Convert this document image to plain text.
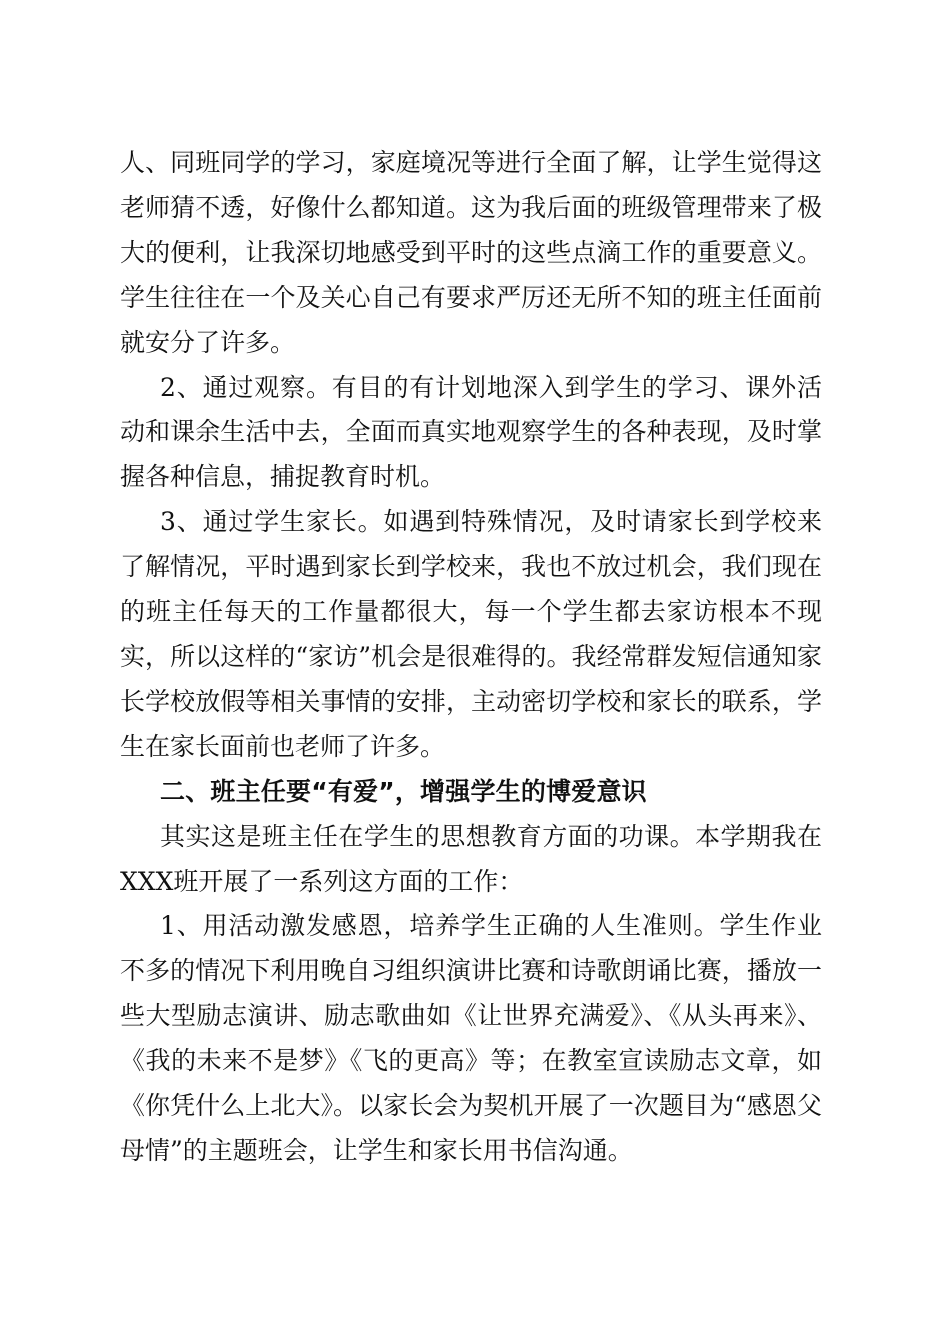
人、同班同学的学习，家庭境况等进行全面了解，让学生觉得这老师猜不透，好像什么都知道。这为我后面的班级管理带来了极大的便利，让我深切地感受到平时的这些点滴工作的重要意义。学生往往在一个及关心自己有要求严厉还无所不知的班主任面前就安分了许多。

2、通过观察。有目的有计划地深入到学生的学习、课外活动和课余生活中去，全面而真实地观察学生的各种表现，及时掌握各种信息，捕捉教育时机。

3、通过学生家长。如遇到特殊情况，及时请家长到学校来了解情况，平时遇到家长到学校来，我也不放过机会，我们现在的班主任每天的工作量都很大，每一个学生都去家访根本不现实，所以这样的“家访”机会是很难得的。我经常群发短信通知家长学校放假等相关事情的安排，主动密切学校和家长的联系，学生在家长面前也老师了许多。

二、班主任要“有爱”，增强学生的博爱意识

其实这是班主任在学生的思想教育方面的功课。本学期我在XXX班开展了一系列这方面的工作：

1、用活动激发感恩，培养学生正确的人生准则。学生作业不多的情况下利用晚自习组织演讲比赛和诗歌朗诵比赛，播放一些大型励志演讲、励志歌曲如《让世界充满爱》、《从头再来》、《我的未来不是梦》《飞的更高》等；在教室宣读励志文章，如《你凭什么上北大》。以家长会为契机开展了一次题目为“感恩父母情”的主题班会，让学生和家长用书信沟通。
